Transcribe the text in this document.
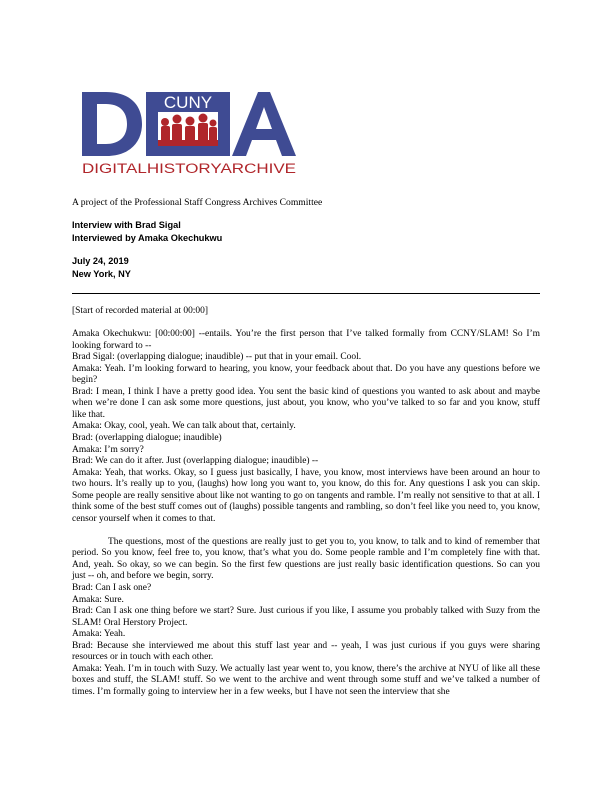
CUNY
DIGITALHISTORYARCHIVE
A project of the Professional Staff Congress Archives Committee
Interview with Brad Sigal
Interviewed by Amaka Okechukwu
July 24, 2019
New York, NY

[Start of recorded material at 00:00]

Amaka Okechukwu: [00:00:00] --entails. You’re the first person that I’ve talked formally from CCNY/SLAM! So I’m looking forward to --

Brad Sigal: (overlapping dialogue; inaudible) -- put that in your email. Cool.

Amaka: Yeah. I’m looking forward to hearing, you know, your feedback about that. Do you have any questions before we begin?

Brad: I mean, I think I have a pretty good idea. You sent the basic kind of questions you wanted to ask about and maybe when we’re done I can ask some more questions, just about, you know, who you’ve talked to so far and you know, stuff like that.

Amaka: Okay, cool, yeah. We can talk about that, certainly.

Brad: (overlapping dialogue; inaudible)

Amaka: I’m sorry?

Brad: We can do it after. Just (overlapping dialogue; inaudible) --

Amaka: Yeah, that works. Okay, so I guess just basically, I have, you know, most interviews have been around an hour to two hours. It’s really up to you, (laughs) how long you want to, you know, do this for. Any questions I ask you can skip. Some people are really sensitive about like not wanting to go on tangents and ramble. I’m really not sensitive to that at all. I think some of the best stuff comes out of (laughs) possible tangents and rambling, so don’t feel like you need to, you know, censor yourself when it comes to that.

The questions, most of the questions are really just to get you to, you know, to talk and to kind of remember that period. So you know, feel free to, you know, that’s what you do. Some people ramble and I’m completely fine with that. And, yeah. So okay, so we can begin. So the first few questions are just really basic identification questions. So can you just -- oh, and before we begin, sorry.

Brad: Can I ask one?

Amaka: Sure.

Brad: Can I ask one thing before we start? Sure. Just curious if you like, I assume you probably talked with Suzy from the SLAM! Oral Herstory Project.

Amaka: Yeah.

Brad: Because she interviewed me about this stuff last year and -- yeah, I was just curious if you guys were sharing resources or in touch with each other.

Amaka: Yeah. I’m in touch with Suzy. We actually last year went to, you know, there’s the archive at NYU of like all these boxes and stuff, the SLAM! stuff. So we went to the archive and went through some stuff and we’ve talked a number of times. I’m formally going to interview her in a few weeks, but I have not seen the interview that she
